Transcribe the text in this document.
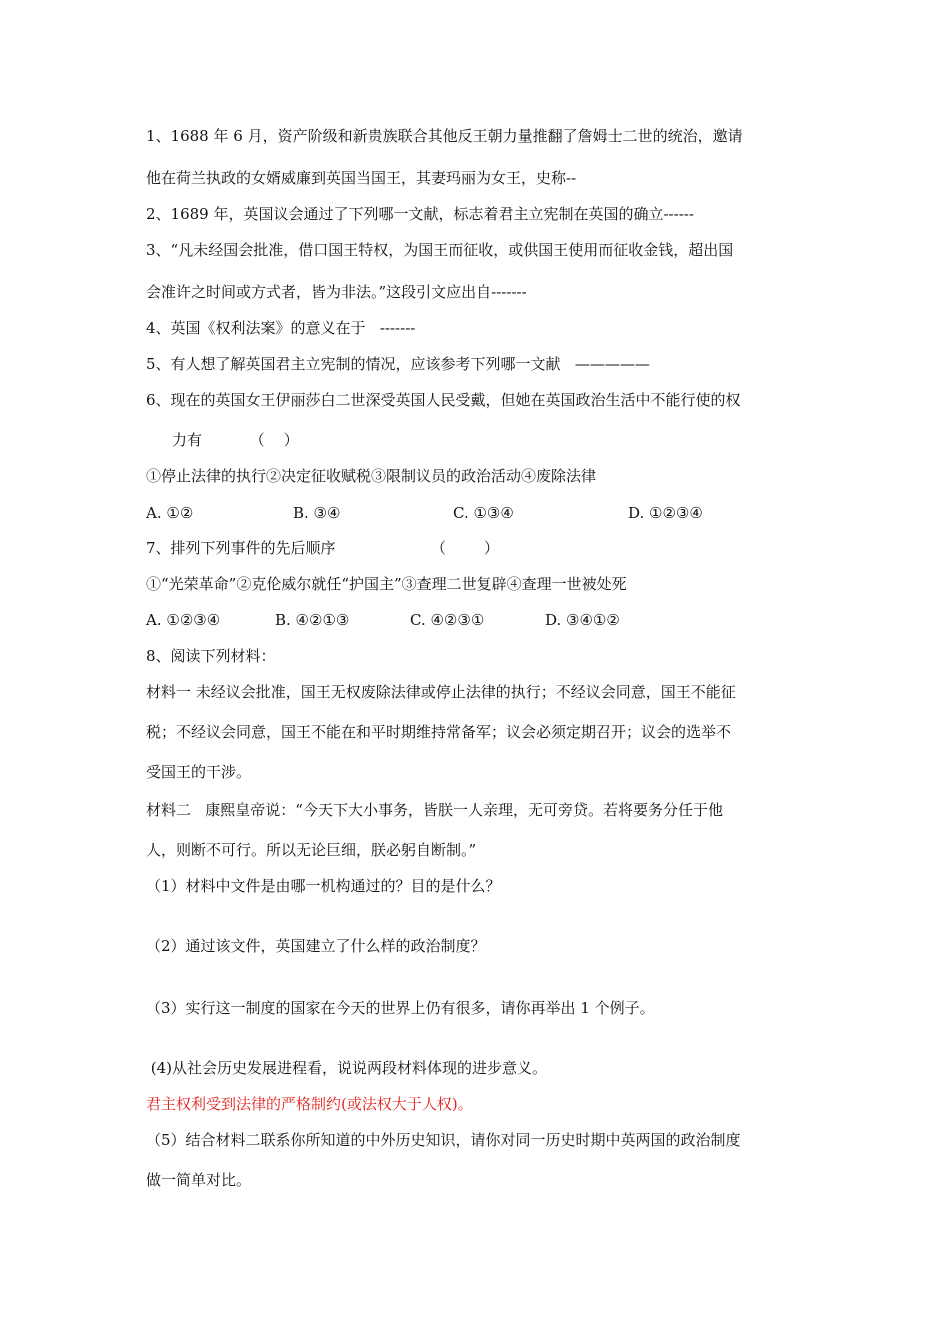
1、1688 年 6 月，资产阶级和新贵族联合其他反王朝力量推翻了詹姆士二世的统治，邀请
他在荷兰执政的女婿威廉到英国当国王，其妻玛丽为女王，史称--
2、1689 年，英国议会通过了下列哪一文献，标志着君主立宪制在英国的确立------
3、“凡未经国会批准，借口国王特权，为国王而征收，或供国王使用而征收金钱，超出国
会准许之时间或方式者，皆为非法。”这段引文应出自-------
4、英国《权利法案》的意义在于   -------
5、有人想了解英国君主立宪制的情况，应该参考下列哪一文献   —————
6、现在的英国女王伊丽莎白二世深受英国人民受戴，但她在英国政治生活中不能行使的权
力有          （    ）
①停止法律的执行②决定征收赋税③限制议员的政治活动④废除法律
A. ①②	B. ③④	C. ①③④	D. ①②③④
7、排列下列事件的先后顺序                    （        ）
①“光荣革命”②克伦威尔就任“护国主”③查理二世复辟④查理一世被处死
A. ①②③④	B. ④②①③	C. ④②③①	D. ③④①②
8、阅读下列材料：
材料一 未经议会批准，国王无权废除法律或停止法律的执行；不经议会同意，国王不能征
税；不经议会同意，国王不能在和平时期维持常备军；议会必须定期召开；议会的选举不
受国王的干涉。
材料二   康熙皇帝说：“今天下大小事务，皆朕一人亲理，无可旁贷。若将要务分任于他
人，则断不可行。所以无论巨细，朕必躬自断制。”
（1）材料中文件是由哪一机构通过的？目的是什么？
（2）通过该文件，英国建立了什么样的政治制度？
（3）实行这一制度的国家在今天的世界上仍有很多，请你再举出 1 个例子。
(4)从社会历史发展进程看，说说两段材料体现的进步意义。
君主权利受到法律的严格制约(或法权大于人权)。
（5）结合材料二联系你所知道的中外历史知识，请你对同一历史时期中英两国的政治制度
做一简单对比。
